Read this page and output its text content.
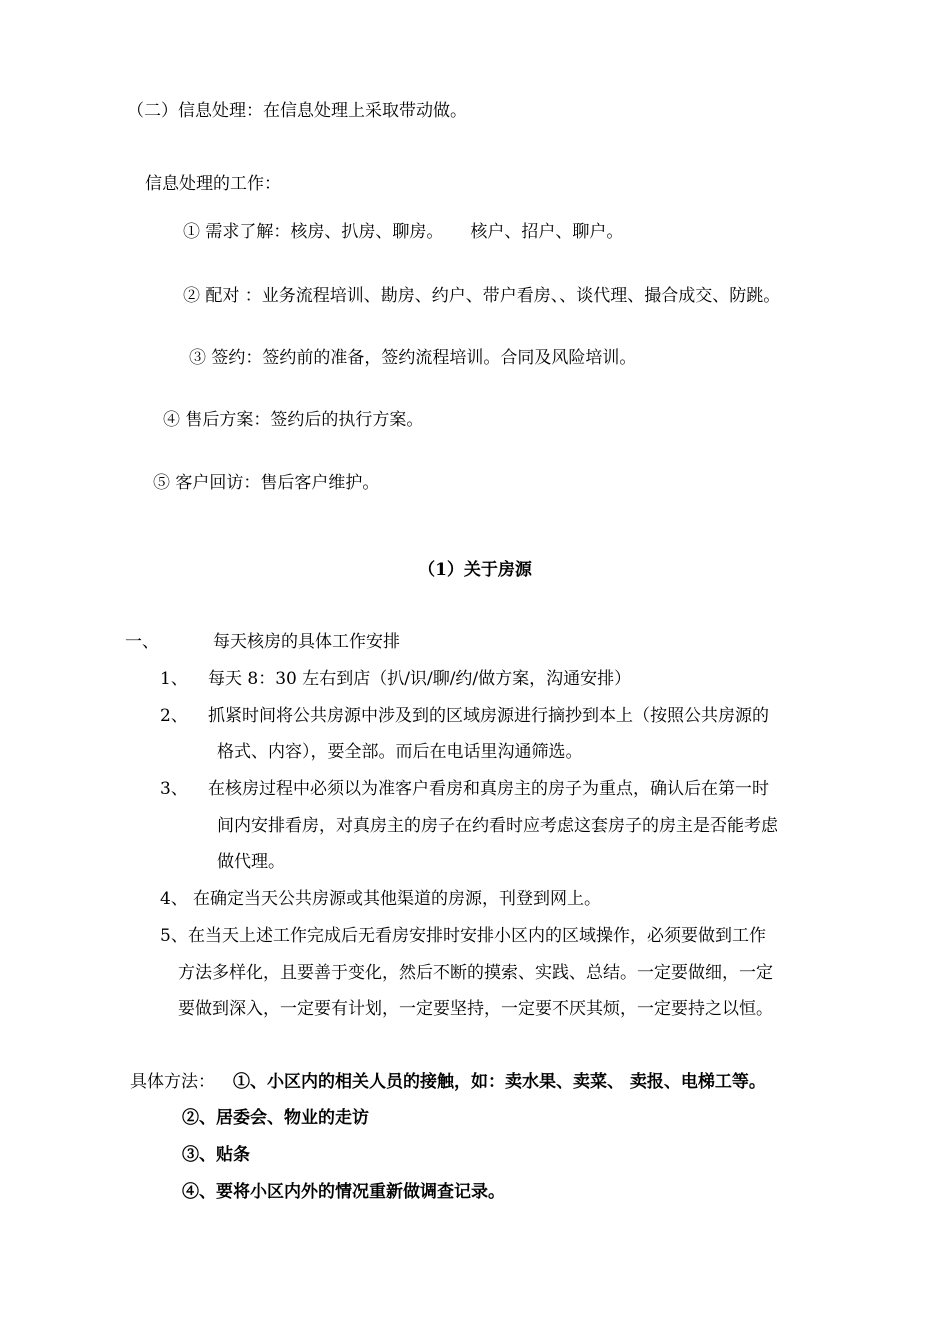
（二）信息处理：在信息处理上采取带动做。
信息处理的工作：
① 需求了解：核房、扒房、聊房。     核户、招户、聊户。
② 配对 ：业务流程培训、勘房、约户、带户看房、、谈代理、撮合成交、防跳。
③ 签约：签约前的准备，签约流程培训。合同及风险培训。
④ 售后方案：签约后的执行方案。
⑤ 客户回访：售后客户维护。
（1）关于房源
一、	每天核房的具体工作安排
1、 每天 8：30 左右到店（扒/识/聊/约/做方案，沟通安排）
2、 抓紧时间将公共房源中涉及到的区域房源进行摘抄到本上（按照公共房源的
格式、内容），要全部。而后在电话里沟通筛选。
3、 在核房过程中必须以为准客户看房和真房主的房子为重点，确认后在第一时
间内安排看房，对真房主的房子在约看时应考虑这套房子的房主是否能考虑
做代理。
4、 在确定当天公共房源或其他渠道的房源，刊登到网上。
5、 在当天上述工作完成后无看房安排时安排小区内的区域操作，必须要做到工作
方法多样化，且要善于变化，然后不断的摸索、实践、总结。一定要做细，一定
要做到深入，一定要有计划，一定要坚持，一定要不厌其烦，一定要持之以恒。
具体方法： ①、小区内的相关人员的接触，如：卖水果、卖菜、 卖报、电梯工等。
②、居委会、物业的走访
③、贴条
④、要将小区内外的情况重新做调查记录。
